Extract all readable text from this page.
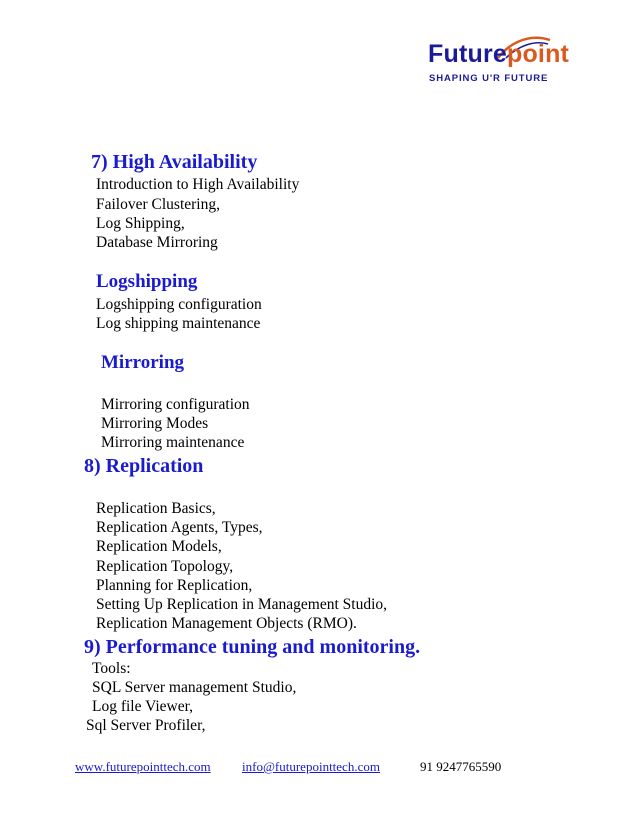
Futurepoint
SHAPING U'R FUTURE
7) High Availability
Introduction to High Availability
Failover Clustering,
Log Shipping,
Database Mirroring
Logshipping
Logshipping configuration
Log shipping maintenance
Mirroring
Mirroring configuration
Mirroring Modes
Mirroring maintenance
8) Replication
Replication Basics,
Replication Agents, Types,
Replication Models,
Replication Topology,
Planning for Replication,
Setting Up Replication in Management Studio,
Replication Management Objects (RMO).
9) Performance tuning and monitoring.
Tools:
SQL Server management Studio,
Log file Viewer,
Sql Server Profiler,
www.futurepointtech.com info@futurepointtech.com	91 9247765590
